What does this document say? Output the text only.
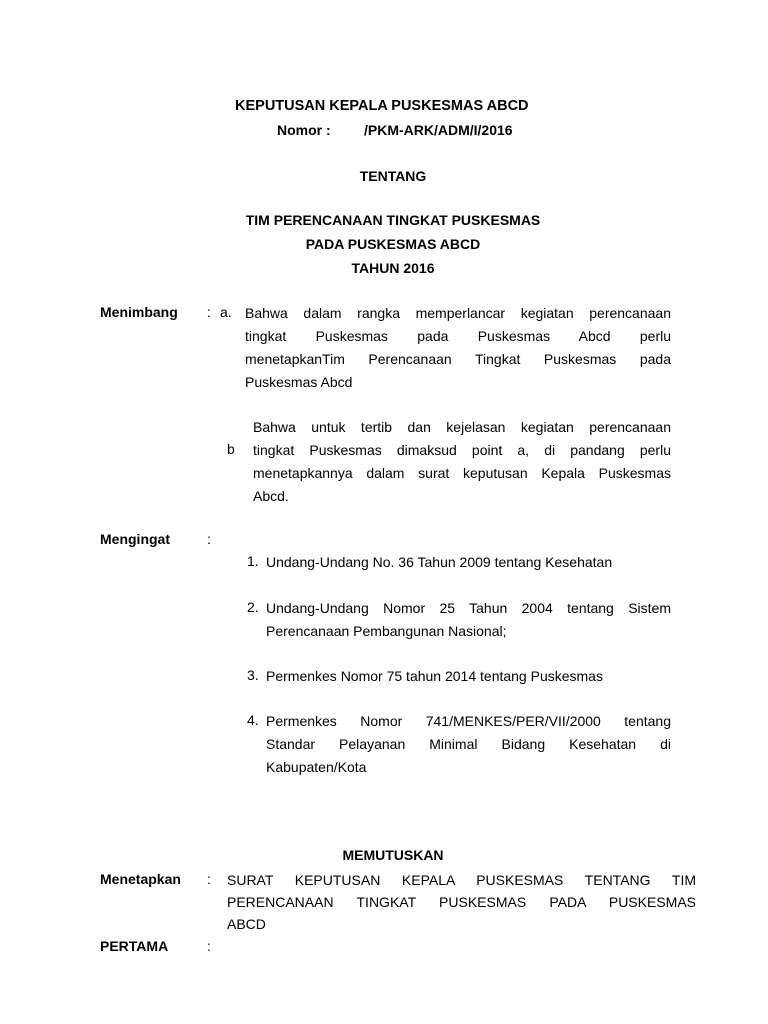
KEPUTUSAN KEPALA PUSKESMAS ABCD
Nomor : /PKM-ARK/ADM/I/2016
TENTANG
TIM PERENCANAAN TINGKAT PUSKESMAS
PADA PUSKESMAS ABCD
TAHUN 2016
Menimbang : a. Bahwa dalam rangka memperlancar kegiatan perencanaan
tingkat Puskesmas pada Puskesmas Abcd perlu
menetapkanTim Perencanaan Tingkat Puskesmas pada
Puskesmas Abcd
b
Bahwa untuk tertib dan kejelasan kegiatan perencanaan
tingkat Puskesmas dimaksud point a, di pandang perlu
menetapkannya dalam surat keputusan Kepala Puskesmas
Abcd.
Mengingat	:
1. Undang-Undang No. 36 Tahun 2009 tentang Kesehatan
2. Undang-Undang Nomor 25 Tahun 2004 tentang Sistem
Perencanaan Pembangunan Nasional;
3. Permenkes Nomor 75 tahun 2014 tentang Puskesmas
4. Permenkes Nomor 741/MENKES/PER/VII/2000 tentang
Standar Pelayanan Minimal Bidang Kesehatan di
Kabupaten/Kota
MEMUTUSKAN
Menetapkan : SURAT KEPUTUSAN KEPALA PUSKESMAS TENTANG TIM
PERENCANAAN TINGKAT PUSKESMAS PADA PUSKESMAS
ABCD
PERTAMA	:
